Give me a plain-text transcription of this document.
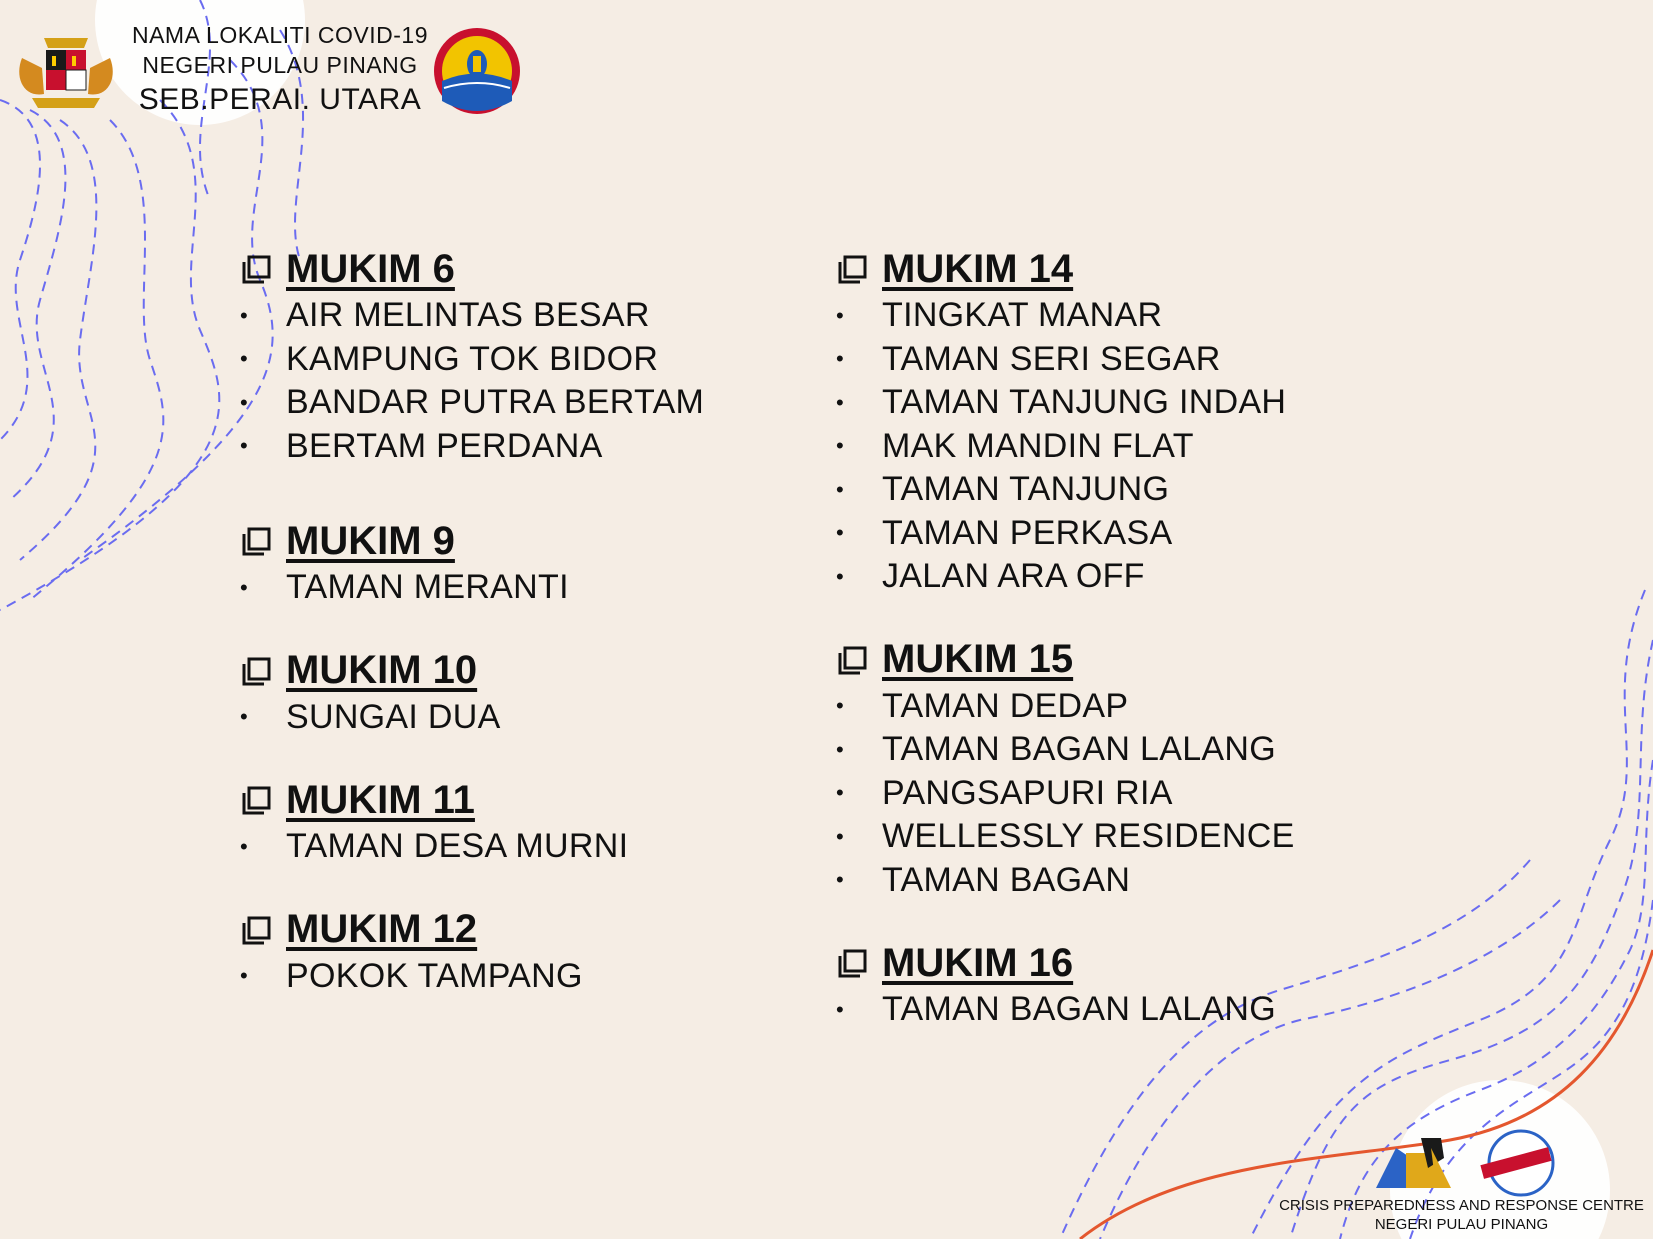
NAMA LOKALITI COVID-19
NEGERI PULAU PINANG
SEB.PERAI. UTARA
MUKIM 6
•	AIR MELINTAS BESAR
•	KAMPUNG TOK BIDOR
•	BANDAR PUTRA BERTAM
•	BERTAM PERDANA
MUKIM 9
•	TAMAN MERANTI
MUKIM 10
•	SUNGAI DUA
MUKIM 11
•	TAMAN DESA MURNI
MUKIM 12
•	POKOK TAMPANG
MUKIM 14
•	TINGKAT MANAR
•	TAMAN SERI SEGAR
•	TAMAN TANJUNG INDAH
•	MAK MANDIN FLAT
•	TAMAN TANJUNG
•	TAMAN PERKASA
•	JALAN ARA OFF
MUKIM 15
•	TAMAN DEDAP
•	TAMAN BAGAN LALANG
•	PANGSAPURI RIA
•	WELLESSLY RESIDENCE
•	TAMAN BAGAN
MUKIM 16
•	TAMAN BAGAN LALANG
CRISIS PREPAREDNESS AND RESPONSE CENTRE
NEGERI PULAU PINANG
